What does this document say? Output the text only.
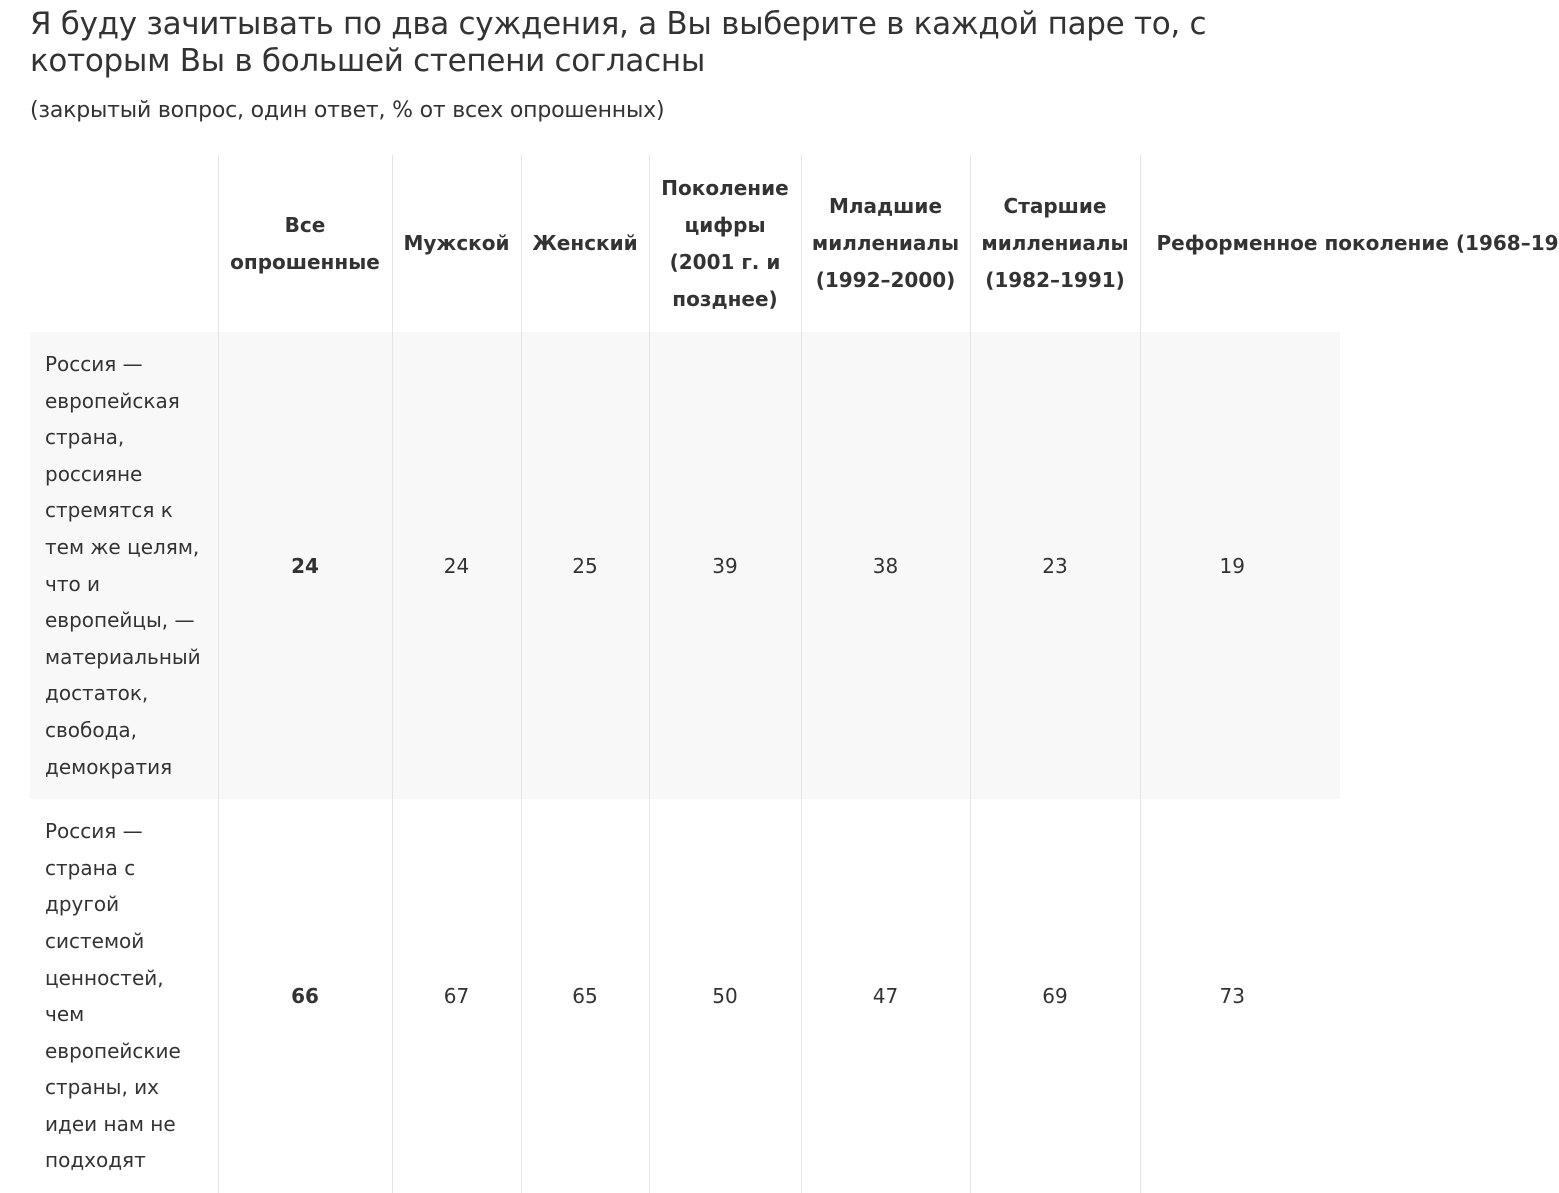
Я буду зачитывать по два суждения, а Вы выберите в каждой паре то, с которым Вы в большей степени согласны

(закрытый вопрос, один ответ, % от всех опрошенных)

	Все опрошенные	Мужской	Женский	Поколение цифры (2001 г. и позднее)	Младшие миллениалы (1992–2000)	Старшие миллениалы (1982–1991)	Реформенное поколение (1968–19
Россия — европейская страна, россияне стремятся к тем же целям, что и европейцы, — материальный достаток, свобода, демократия	24	24	25	39	38	23	19
Россия — страна с другой системой ценностей, чем европейские страны, их идеи нам не подходят	66	67	65	50	47	69	73
